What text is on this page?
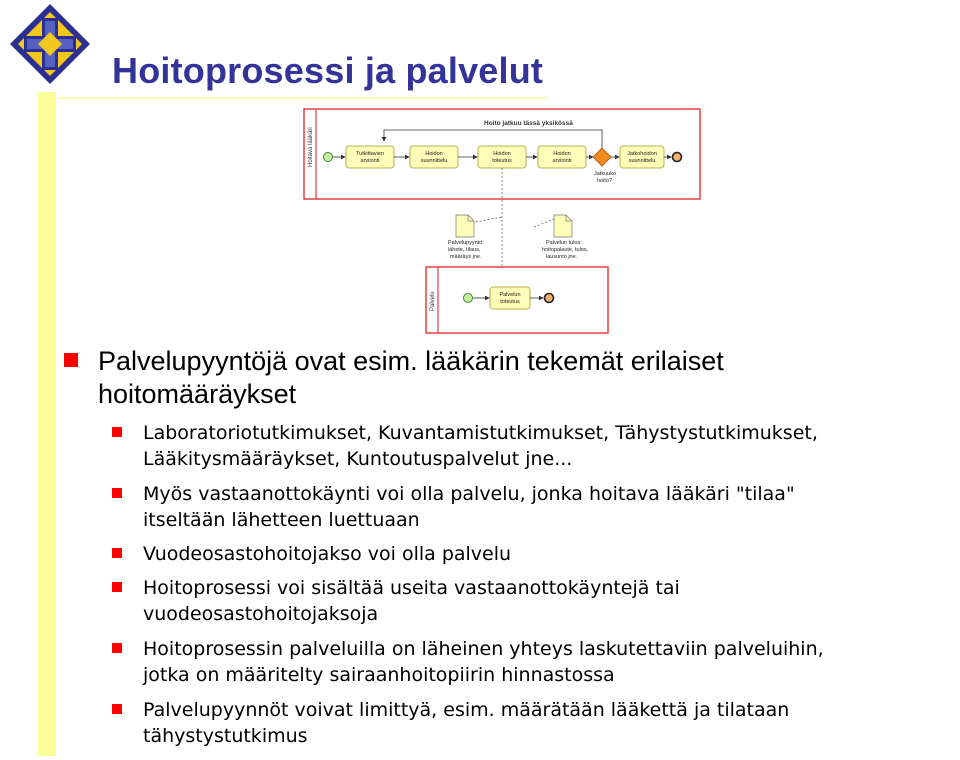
Hoitoprosessi ja palvelut
Hoitava lääkäri
Hoito jatkuu tässä yksikössä
Tutkittavien
arviointi
Hoidon
suunnittelu
Hoidon
toteutus
Hoidon
arviointi
Jatkuuko
hoito?
Jatkohoidon
suunnittelu
Palvelupyyntö:
lähete, tilaus,
määräys jne.
Palvelun tulos:
hoitopalaute, tulos,
lausunto jne.
Palvelu	Palvelun
toteutus
Palvelupyyntöjä ovat esim. lääkärin tekemät erilaiset
hoitomääräykset
Laboratoriotutkimukset, Kuvantamistutkimukset, Tähystystutkimukset,
Lääkitysmääräykset, Kuntoutuspalvelut jne...
Myös vastaanottokäynti voi olla palvelu, jonka hoitava lääkäri "tilaa"
itseltään lähetteen luettuaan
Vuodeosastohoitojakso voi olla palvelu
Hoitoprosessi voi sisältää useita vastaanottokäyntejä tai
vuodeosastohoitojaksoja
Hoitoprosessin palveluilla on läheinen yhteys laskutettaviin palveluihin,
jotka on määritelty sairaanhoitopiirin hinnastossa
Palvelupyynnöt voivat limittyä, esim. määrätään lääkettä ja tilataan
tähystystutkimus
